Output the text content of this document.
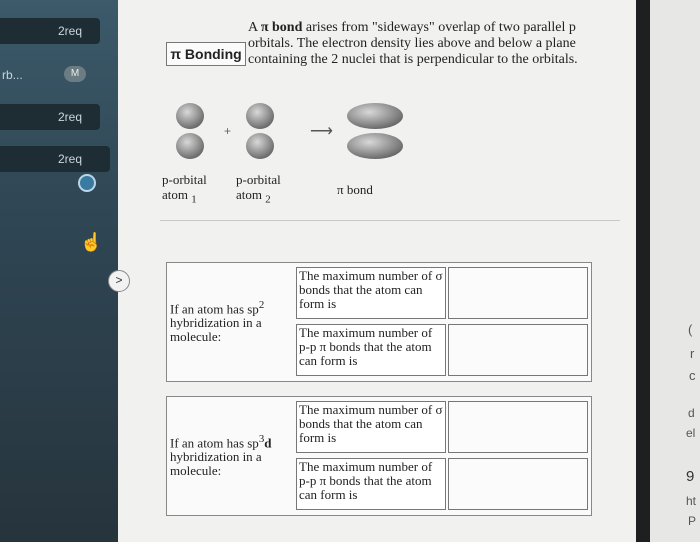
2req
rb...	M
2req
2req
☝
>
π Bonding
A π bond arises from "sideways" overlap of two parallel p orbitals. The electron density lies above and below a plane containing the 2 nuclei that is perpendicular to the orbitals.
+	⟶
p-orbital
atom $_1$
p-orbital
atom $_2$
π bond
If an atom has $sp^2$ hybridization in a molecule:
The maximum number of σ bonds that the atom can form is
The maximum number of p-p π bonds that the atom can form is
If an atom has $sp^3d$ hybridization in a molecule:
The maximum number of σ bonds that the atom can form is
The maximum number of p-p π bonds that the atom can form is
(
r
c
d
el
9
ht
P
